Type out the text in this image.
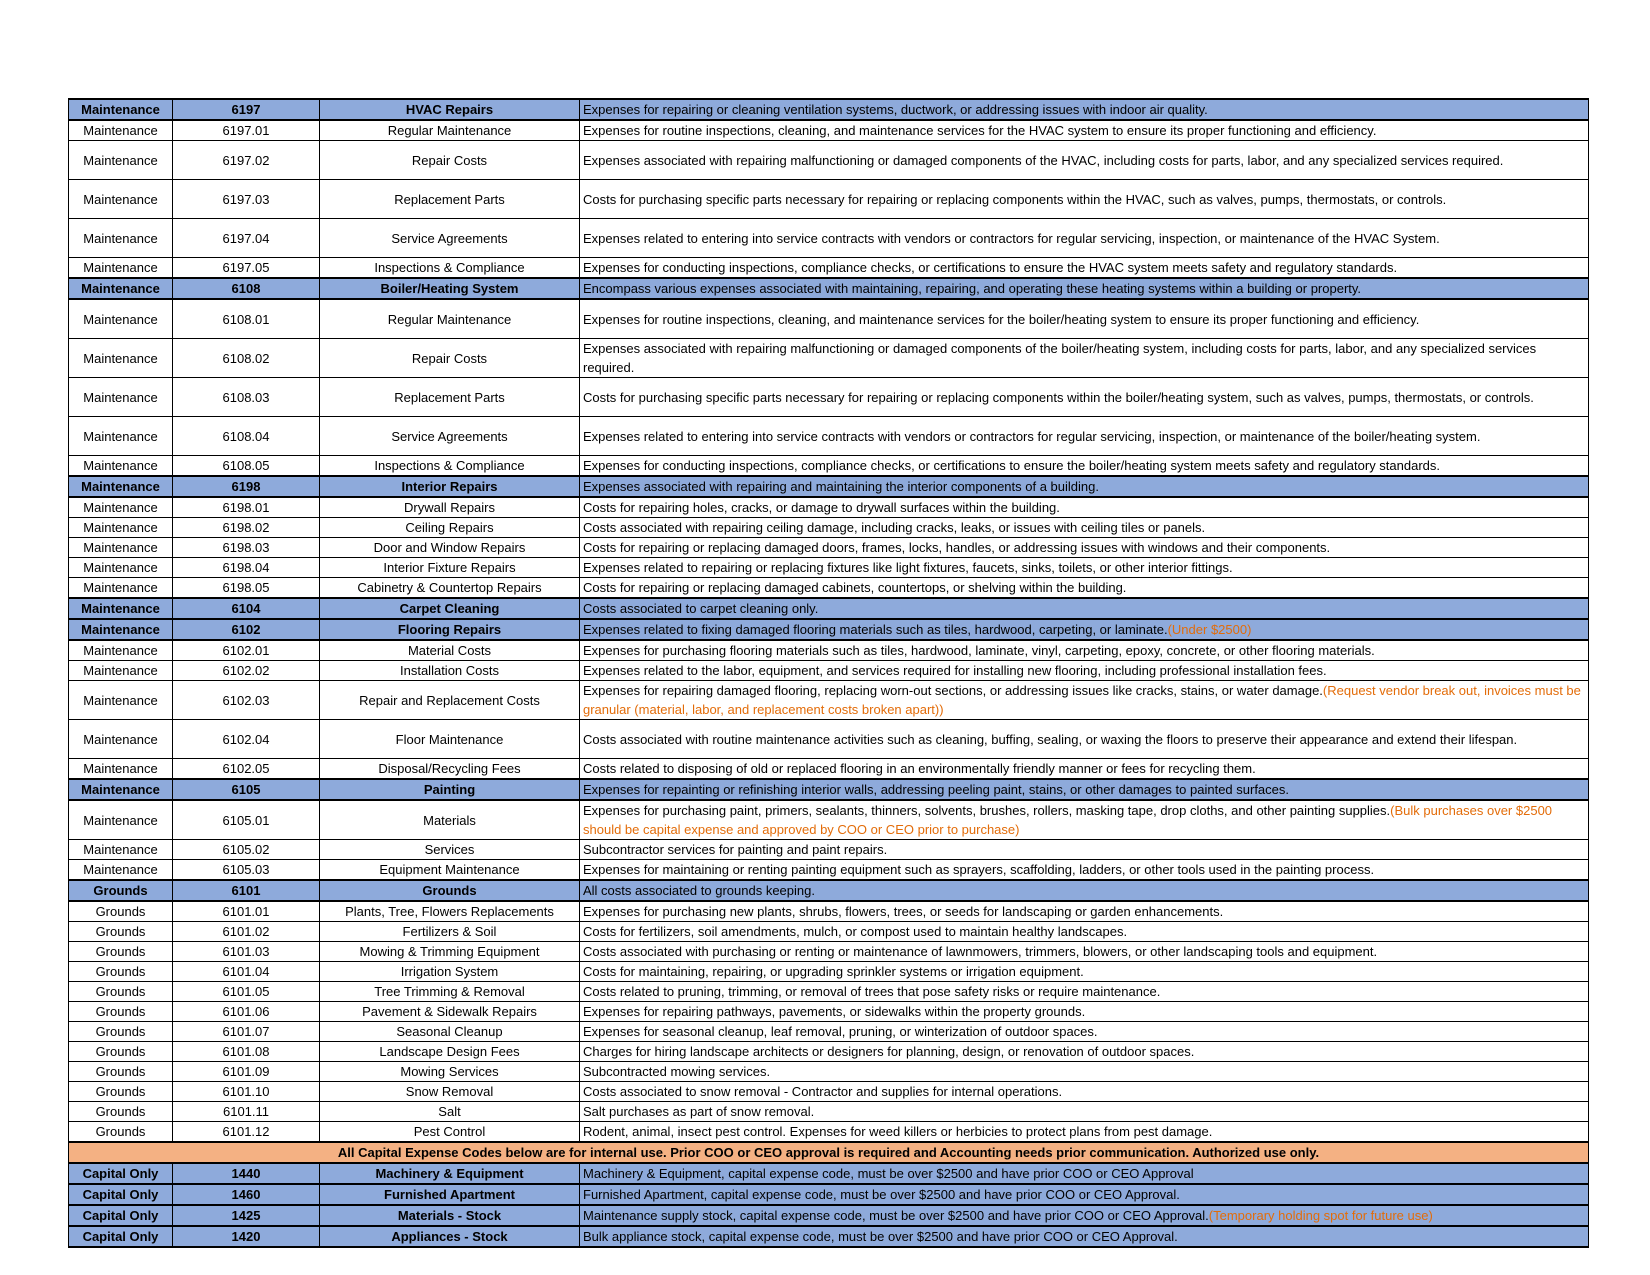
Maintenance	6197	HVAC Repairs	Expenses for repairing or cleaning ventilation systems, ductwork, or addressing issues with indoor air quality.
Maintenance	6197.01	Regular Maintenance	Expenses for routine inspections, cleaning, and maintenance services for the HVAC system to ensure its proper functioning and efficiency.
Maintenance	6197.02	Repair Costs	Expenses associated with repairing malfunctioning or damaged components of the HVAC, including costs for parts, labor, and any specialized services required.
Maintenance	6197.03	Replacement Parts	Costs for purchasing specific parts necessary for repairing or replacing components within the HVAC, such as valves, pumps, thermostats, or controls.
Maintenance	6197.04	Service Agreements	Expenses related to entering into service contracts with vendors or contractors for regular servicing, inspection, or maintenance of the HVAC System.
Maintenance	6197.05	Inspections & Compliance	Expenses for conducting inspections, compliance checks, or certifications to ensure the HVAC system meets safety and regulatory standards.
Maintenance	6108	Boiler/Heating System	Encompass various expenses associated with maintaining, repairing, and operating these heating systems within a building or property.
Maintenance	6108.01	Regular Maintenance	Expenses for routine inspections, cleaning, and maintenance services for the boiler/heating system to ensure its proper functioning and efficiency.
Maintenance	6108.02	Repair Costs	Expenses associated with repairing malfunctioning or damaged components of the boiler/heating system, including costs for parts, labor, and any specialized services required.
Maintenance	6108.03	Replacement Parts	Costs for purchasing specific parts necessary for repairing or replacing components within the boiler/heating system, such as valves, pumps, thermostats, or controls.
Maintenance	6108.04	Service Agreements	Expenses related to entering into service contracts with vendors or contractors for regular servicing, inspection, or maintenance of the boiler/heating system.
Maintenance	6108.05	Inspections & Compliance	Expenses for conducting inspections, compliance checks, or certifications to ensure the boiler/heating system meets safety and regulatory standards.
Maintenance	6198	Interior Repairs	Expenses associated with repairing and maintaining the interior components of a building.
Maintenance	6198.01	Drywall Repairs	Costs for repairing holes, cracks, or damage to drywall surfaces within the building.
Maintenance	6198.02	Ceiling Repairs	Costs associated with repairing ceiling damage, including cracks, leaks, or issues with ceiling tiles or panels.
Maintenance	6198.03	Door and Window Repairs	Costs for repairing or replacing damaged doors, frames, locks, handles, or addressing issues with windows and their components.
Maintenance	6198.04	Interior Fixture Repairs	Expenses related to repairing or replacing fixtures like light fixtures, faucets, sinks, toilets, or other interior fittings.
Maintenance	6198.05	Cabinetry & Countertop Repairs	Costs for repairing or replacing damaged cabinets, countertops, or shelving within the building.
Maintenance	6104	Carpet Cleaning	Costs associated to carpet cleaning only.
Maintenance	6102	Flooring Repairs	Expenses related to fixing damaged flooring materials such as tiles, hardwood, carpeting, or laminate.(Under $2500)
Maintenance	6102.01	Material Costs	Expenses for purchasing flooring materials such as tiles, hardwood, laminate, vinyl, carpeting, epoxy, concrete, or other flooring materials.
Maintenance	6102.02	Installation Costs	Expenses related to the labor, equipment, and services required for installing new flooring, including professional installation fees.
Maintenance	6102.03	Repair and Replacement Costs	Expenses for repairing damaged flooring, replacing worn-out sections, or addressing issues like cracks, stains, or water damage.(Request vendor break out, invoices must be granular (material, labor, and replacement costs broken apart))
Maintenance	6102.04	Floor Maintenance	Costs associated with routine maintenance activities such as cleaning, buffing, sealing, or waxing the floors to preserve their appearance and extend their lifespan.
Maintenance	6102.05	Disposal/Recycling Fees	Costs related to disposing of old or replaced flooring in an environmentally friendly manner or fees for recycling them.
Maintenance	6105	Painting	Expenses for repainting or refinishing interior walls, addressing peeling paint, stains, or other damages to painted surfaces.
Maintenance	6105.01	Materials	Expenses for purchasing paint, primers, sealants, thinners, solvents, brushes, rollers, masking tape, drop cloths, and other painting supplies.(Bulk purchases over $2500 should be capital expense and approved by COO or CEO prior to purchase)
Maintenance	6105.02	Services	Subcontractor services for painting and paint repairs.
Maintenance	6105.03	Equipment Maintenance	Expenses for maintaining or renting painting equipment such as sprayers, scaffolding, ladders, or other tools used in the painting process.
Grounds	6101	Grounds	All costs associated to grounds keeping.
Grounds	6101.01	Plants, Tree, Flowers Replacements	Expenses for purchasing new plants, shrubs, flowers, trees, or seeds for landscaping or garden enhancements.
Grounds	6101.02	Fertilizers & Soil	Costs for fertilizers, soil amendments, mulch, or compost used to maintain healthy landscapes.
Grounds	6101.03	Mowing & Trimming Equipment	Costs associated with purchasing or renting or maintenance of lawnmowers, trimmers, blowers, or other landscaping tools and equipment.
Grounds	6101.04	Irrigation System	Costs for maintaining, repairing, or upgrading sprinkler systems or irrigation equipment.
Grounds	6101.05	Tree Trimming & Removal	Costs related to pruning, trimming, or removal of trees that pose safety risks or require maintenance.
Grounds	6101.06	Pavement & Sidewalk Repairs	Expenses for repairing pathways, pavements, or sidewalks within the property grounds.
Grounds	6101.07	Seasonal Cleanup	Expenses for seasonal cleanup, leaf removal, pruning, or winterization of outdoor spaces.
Grounds	6101.08	Landscape Design Fees	Charges for hiring landscape architects or designers for planning, design, or renovation of outdoor spaces.
Grounds	6101.09	Mowing Services	Subcontracted mowing services.
Grounds	6101.10	Snow Removal	Costs associated to snow removal - Contractor and supplies for internal operations.
Grounds	6101.11	Salt	Salt purchases as part of snow removal.
Grounds	6101.12	Pest Control	Rodent, animal, insect pest control. Expenses for weed killers or herbicies to protect plans from pest damage.
All Capital Expense Codes below are for internal use. Prior COO or CEO approval is required and Accounting needs prior communication. Authorized use only.			
Capital Only	1440	Machinery & Equipment	Machinery & Equipment, capital expense code, must be over $2500 and have prior COO or CEO Approval
Capital Only	1460	Furnished Apartment	Furnished Apartment, capital expense code, must be over $2500 and have prior COO or CEO Approval.
Capital Only	1425	Materials - Stock	Maintenance supply stock, capital expense code, must be over $2500 and have prior COO or CEO Approval.(Temporary holding spot for future use)
Capital Only	1420	Appliances - Stock	Bulk appliance stock, capital expense code, must be over $2500 and have prior COO or CEO Approval.
